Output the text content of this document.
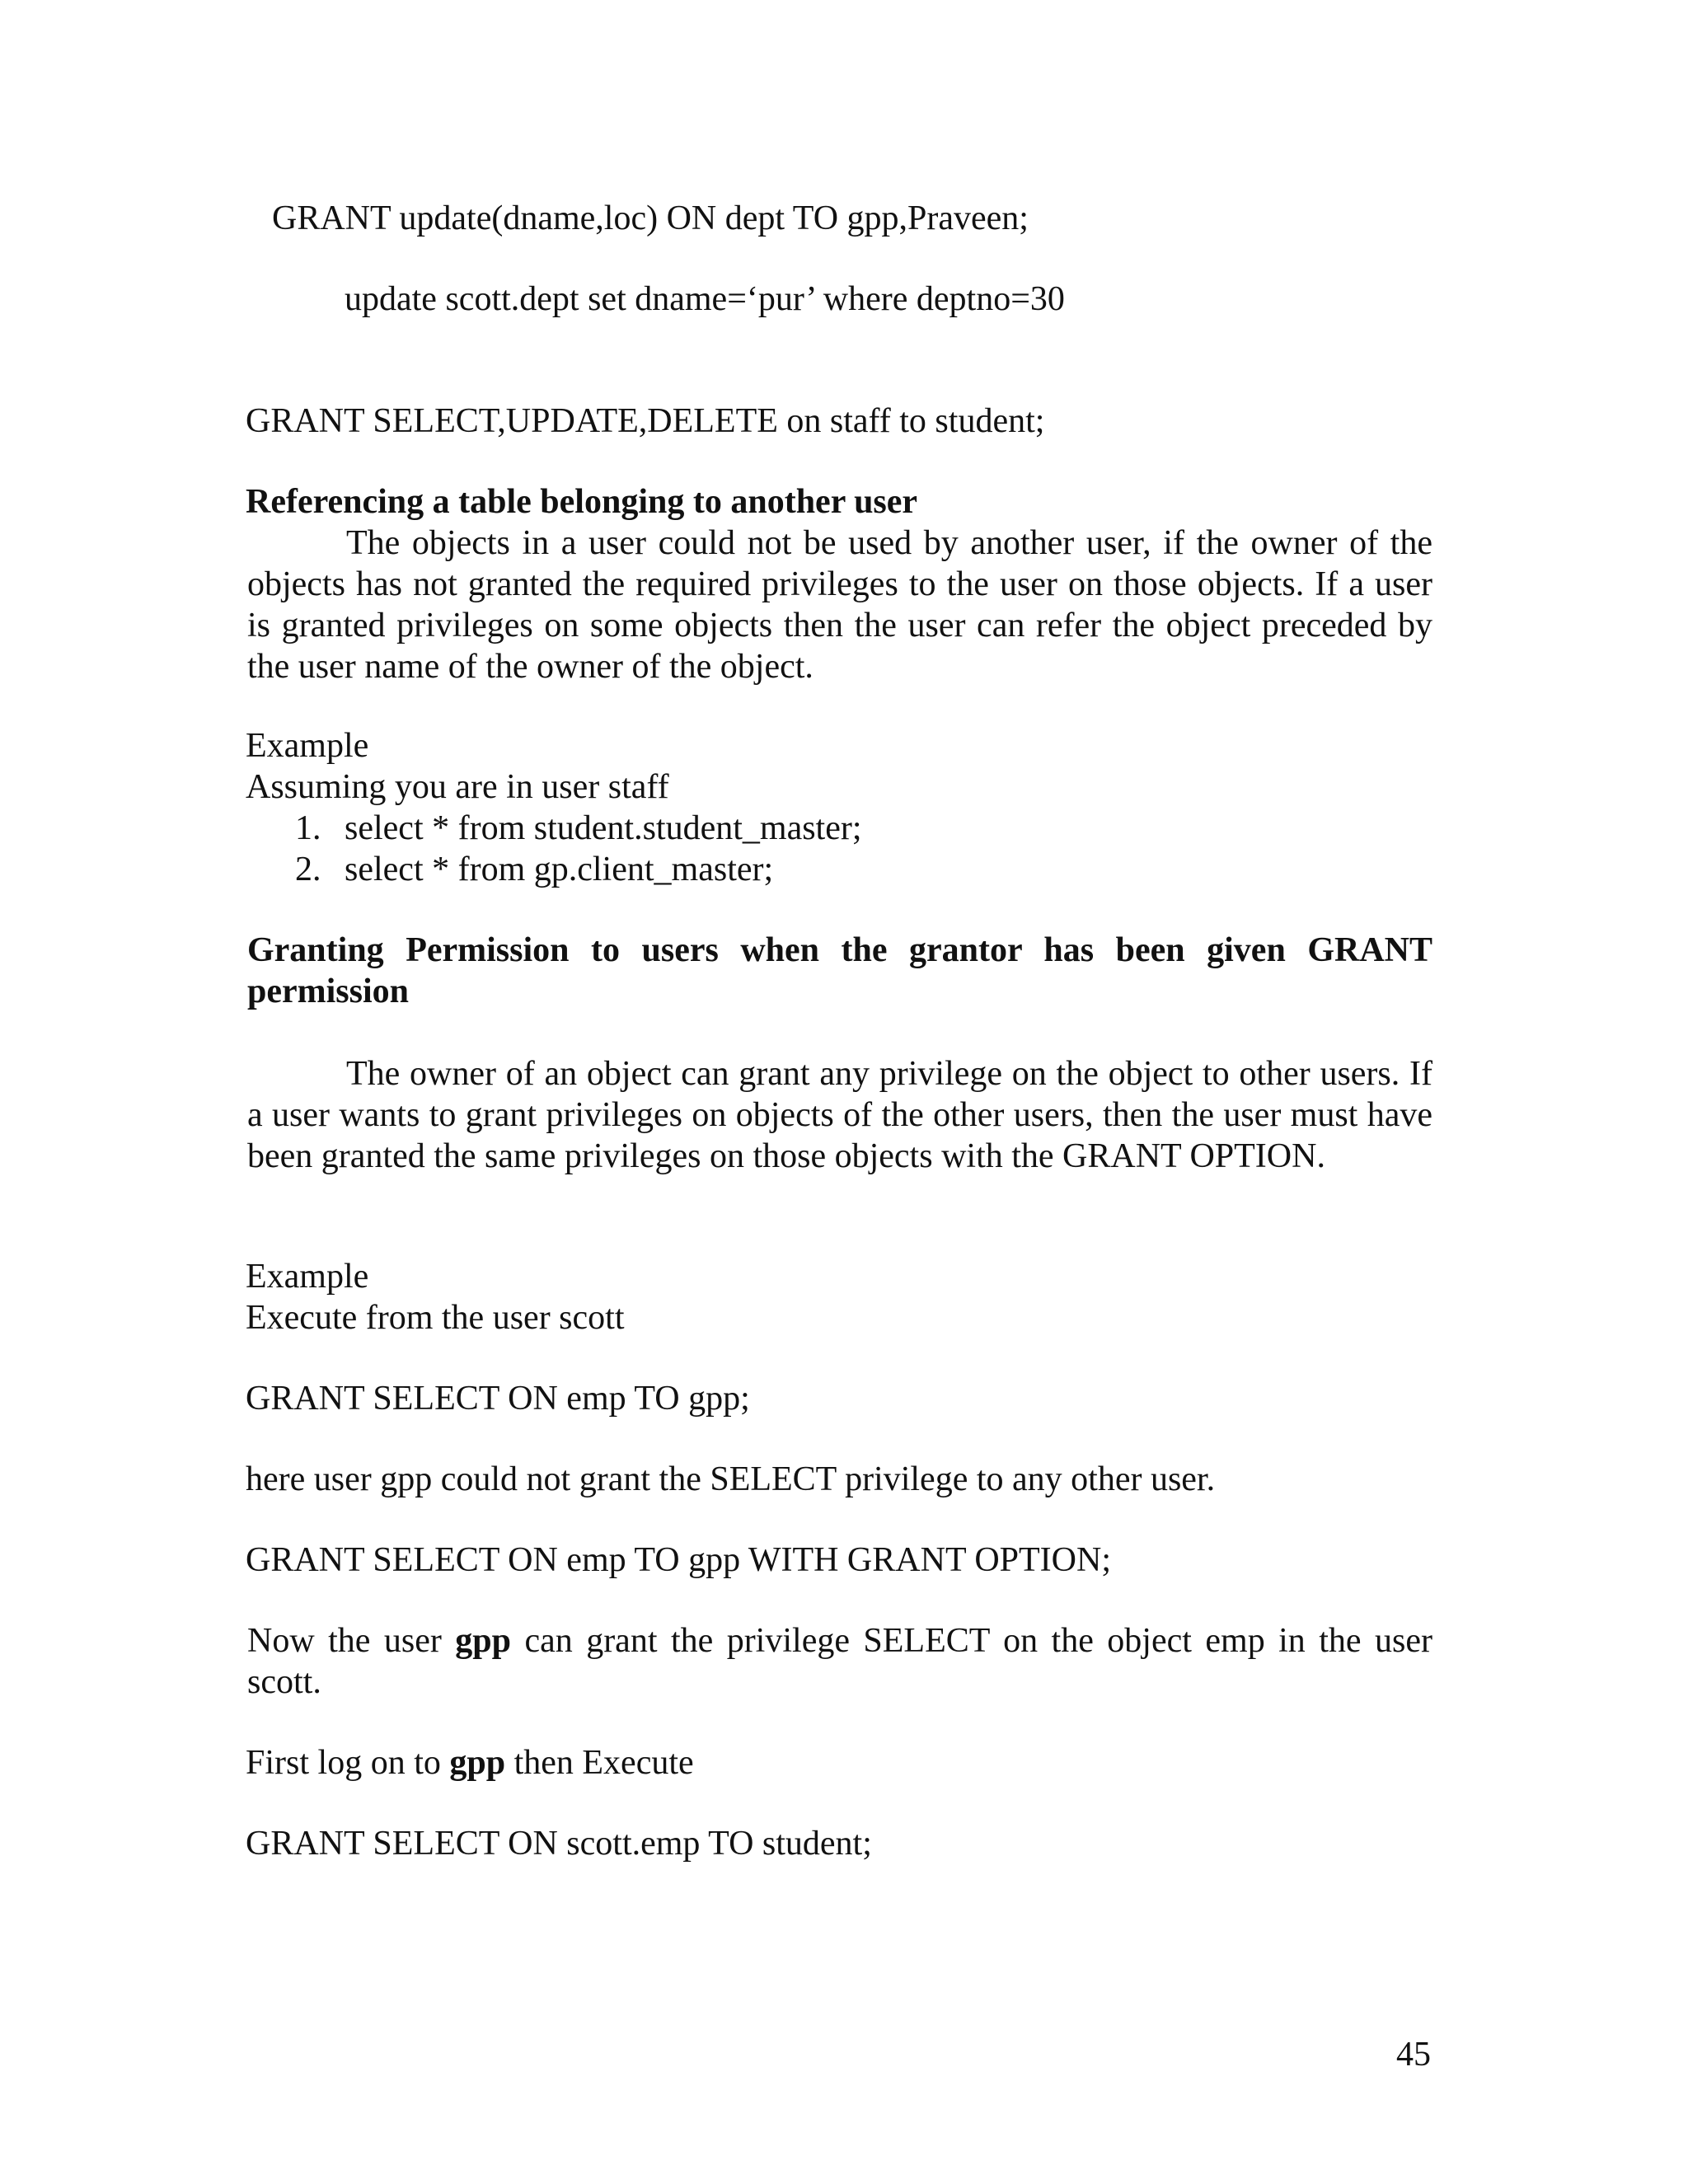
GRANT update(dname,loc) ON dept TO gpp,Praveen;
update scott.dept set dname=‘pur’ where deptno=30
GRANT SELECT,UPDATE,DELETE on staff to student;
Referencing a table belonging to another user
The objects in a user could not be used by another user, if the owner of the objects has not granted the required privileges to the user on those objects. If a user is granted privileges on some objects then the user can refer the object preceded by the user name of the owner of the object.
Example
Assuming you are in user staff
1. select * from student.student_master;
2. select * from gp.client_master;
Granting Permission to users when the grantor has been given GRANT permission
The owner of an object can grant any privilege on the object to other users. If a user wants to grant privileges on objects of the other users, then the user must have been granted the same privileges on those objects with the GRANT OPTION.
Example
Execute from the user scott
GRANT SELECT ON emp TO gpp;
here user gpp could not grant the SELECT privilege to any other user.
GRANT SELECT ON emp TO gpp WITH GRANT OPTION;
Now the user gpp can grant the privilege SELECT on the object emp in the user scott.
First log on to gpp then Execute
GRANT SELECT ON scott.emp TO student;
45
